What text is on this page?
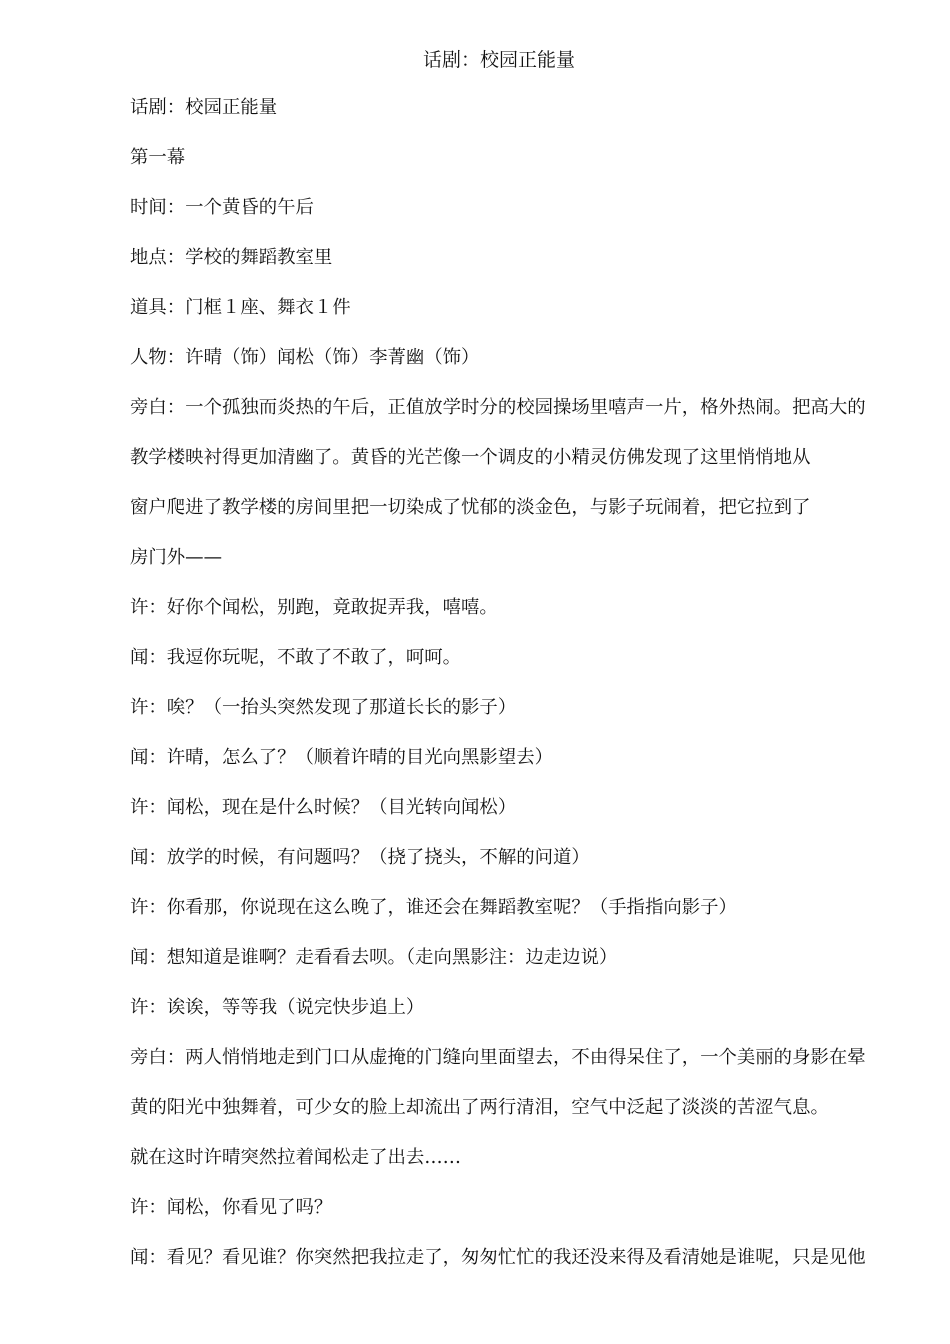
话剧：校园正能量
话剧：校园正能量
第一幕
时间：一个黄昏的午后
地点：学校的舞蹈教室里
道具：门框１座、舞衣１件
人物：许晴（饰）闻松（饰）李菁幽（饰）
旁白：一个孤独而炎热的午后，正值放学时分的校园操场里嘻声一片，格外热闹。把高大的
教学楼映衬得更加清幽了。黄昏的光芒像一个调皮的小精灵仿佛发现了这里悄悄地从
窗户爬进了教学楼的房间里把一切染成了忧郁的淡金色，与影子玩闹着，把它拉到了
房门外——
许：好你个闻松，别跑，竟敢捉弄我，嘻嘻。
闻：我逗你玩呢，不敢了不敢了，呵呵。
许：唉？（一抬头突然发现了那道长长的影子）
闻：许晴，怎么了？（顺着许晴的目光向黑影望去）
许：闻松，现在是什么时候？（目光转向闻松）
闻：放学的时候，有问题吗？（挠了挠头，不解的问道）
许：你看那，你说现在这么晚了，谁还会在舞蹈教室呢？（手指指向影子）
闻：想知道是谁啊？走看看去呗。（走向黑影注：边走边说）
许：诶诶，等等我（说完快步追上）
旁白：两人悄悄地走到门口从虚掩的门缝向里面望去，不由得呆住了，一个美丽的身影在晕
黄的阳光中独舞着，可少女的脸上却流出了两行清泪，空气中泛起了淡淡的苦涩气息。
就在这时许晴突然拉着闻松走了出去……
许：闻松，你看见了吗？
闻：看见？看见谁？你突然把我拉走了，匆匆忙忙的我还没来得及看清她是谁呢，只是见他
